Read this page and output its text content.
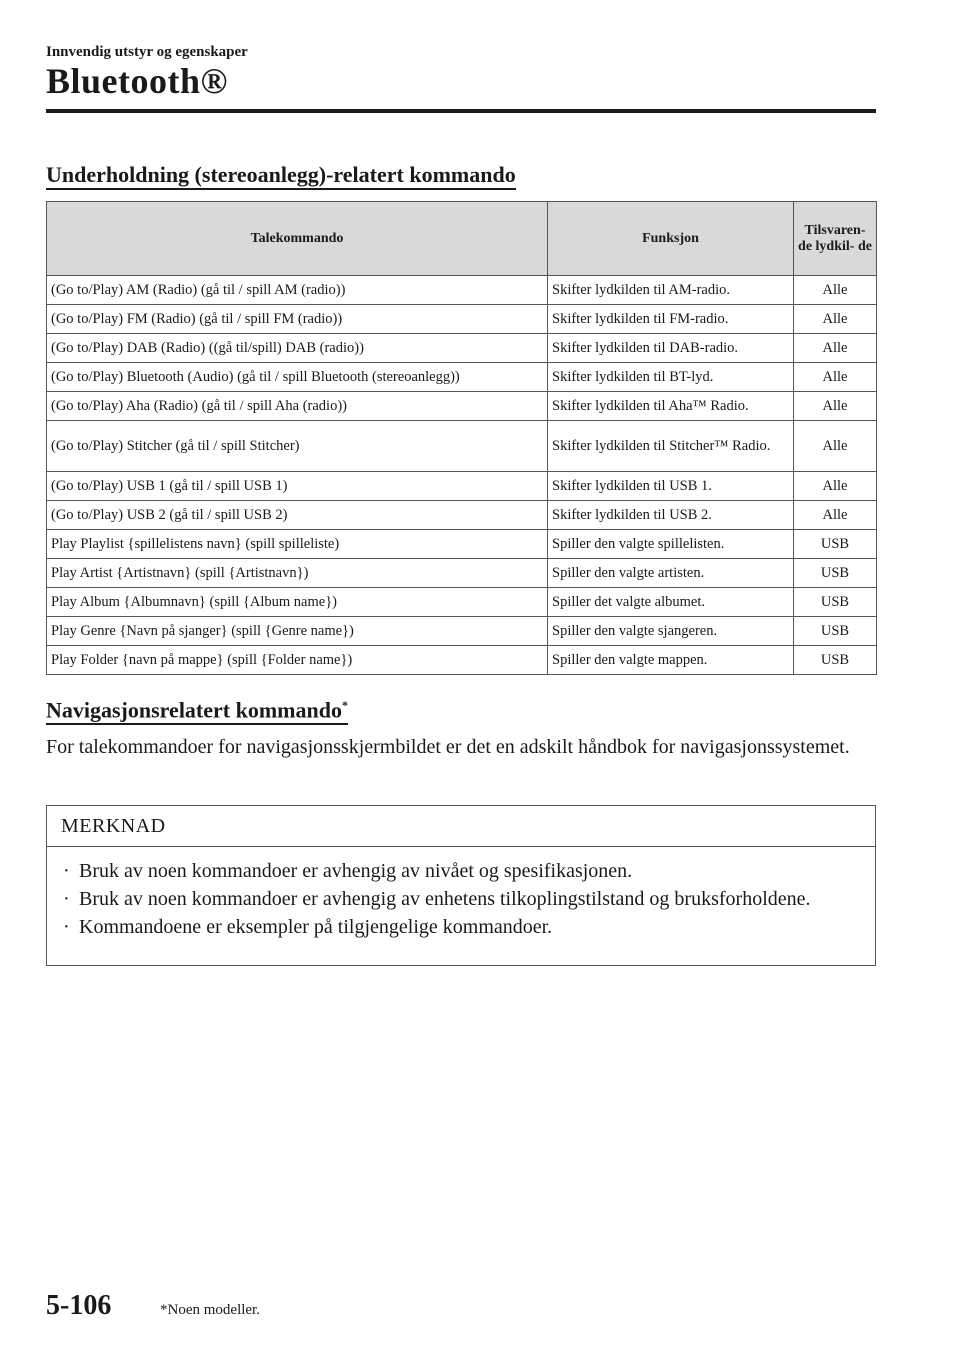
Innvendig utstyr og egenskaper
Bluetooth®
Underholdning (stereoanlegg)-relatert kommando
Talekommando	Funksjon	Tilsvaren- de lydkil- de
(Go to/Play) AM (Radio) (gå til / spill AM (radio))	Skifter lydkilden til AM-radio.	Alle
(Go to/Play) FM (Radio) (gå til / spill FM (radio))	Skifter lydkilden til FM-radio.	Alle
(Go to/Play) DAB (Radio) ((gå til/spill) DAB (radio))	Skifter lydkilden til DAB-radio.	Alle
(Go to/Play) Bluetooth (Audio) (gå til / spill Bluetooth (stereoanlegg))	Skifter lydkilden til BT-lyd.	Alle
(Go to/Play) Aha (Radio) (gå til / spill Aha (radio))	Skifter lydkilden til Aha™ Radio.	Alle
(Go to/Play) Stitcher (gå til / spill Stitcher)	Skifter lydkilden til Stitcher™ Radio.	Alle
(Go to/Play) USB 1 (gå til / spill USB 1)	Skifter lydkilden til USB 1.	Alle
(Go to/Play) USB 2 (gå til / spill USB 2)	Skifter lydkilden til USB 2.	Alle
Play Playlist {spillelistens navn} (spill spilleliste)	Spiller den valgte spillelisten.	USB
Play Artist {Artistnavn} (spill {Artistnavn})	Spiller den valgte artisten.	USB
Play Album {Albumnavn} (spill {Album name})	Spiller det valgte albumet.	USB
Play Genre {Navn på sjanger} (spill {Genre name})	Spiller den valgte sjangeren.	USB
Play Folder {navn på mappe} (spill {Folder name})	Spiller den valgte mappen.	USB
Navigasjonsrelatert kommando*
For talekommandoer for navigasjonsskjermbildet er det en adskilt håndbok for navigasjonssystemet.
MERKNAD
· Bruk av noen kommandoer er avhengig av nivået og spesifikasjonen.
· Bruk av noen kommandoer er avhengig av enhetens tilkoplingstilstand og bruksforholdene.
· Kommandoene er eksempler på tilgjengelige kommandoer.
5-106	*Noen modeller.
